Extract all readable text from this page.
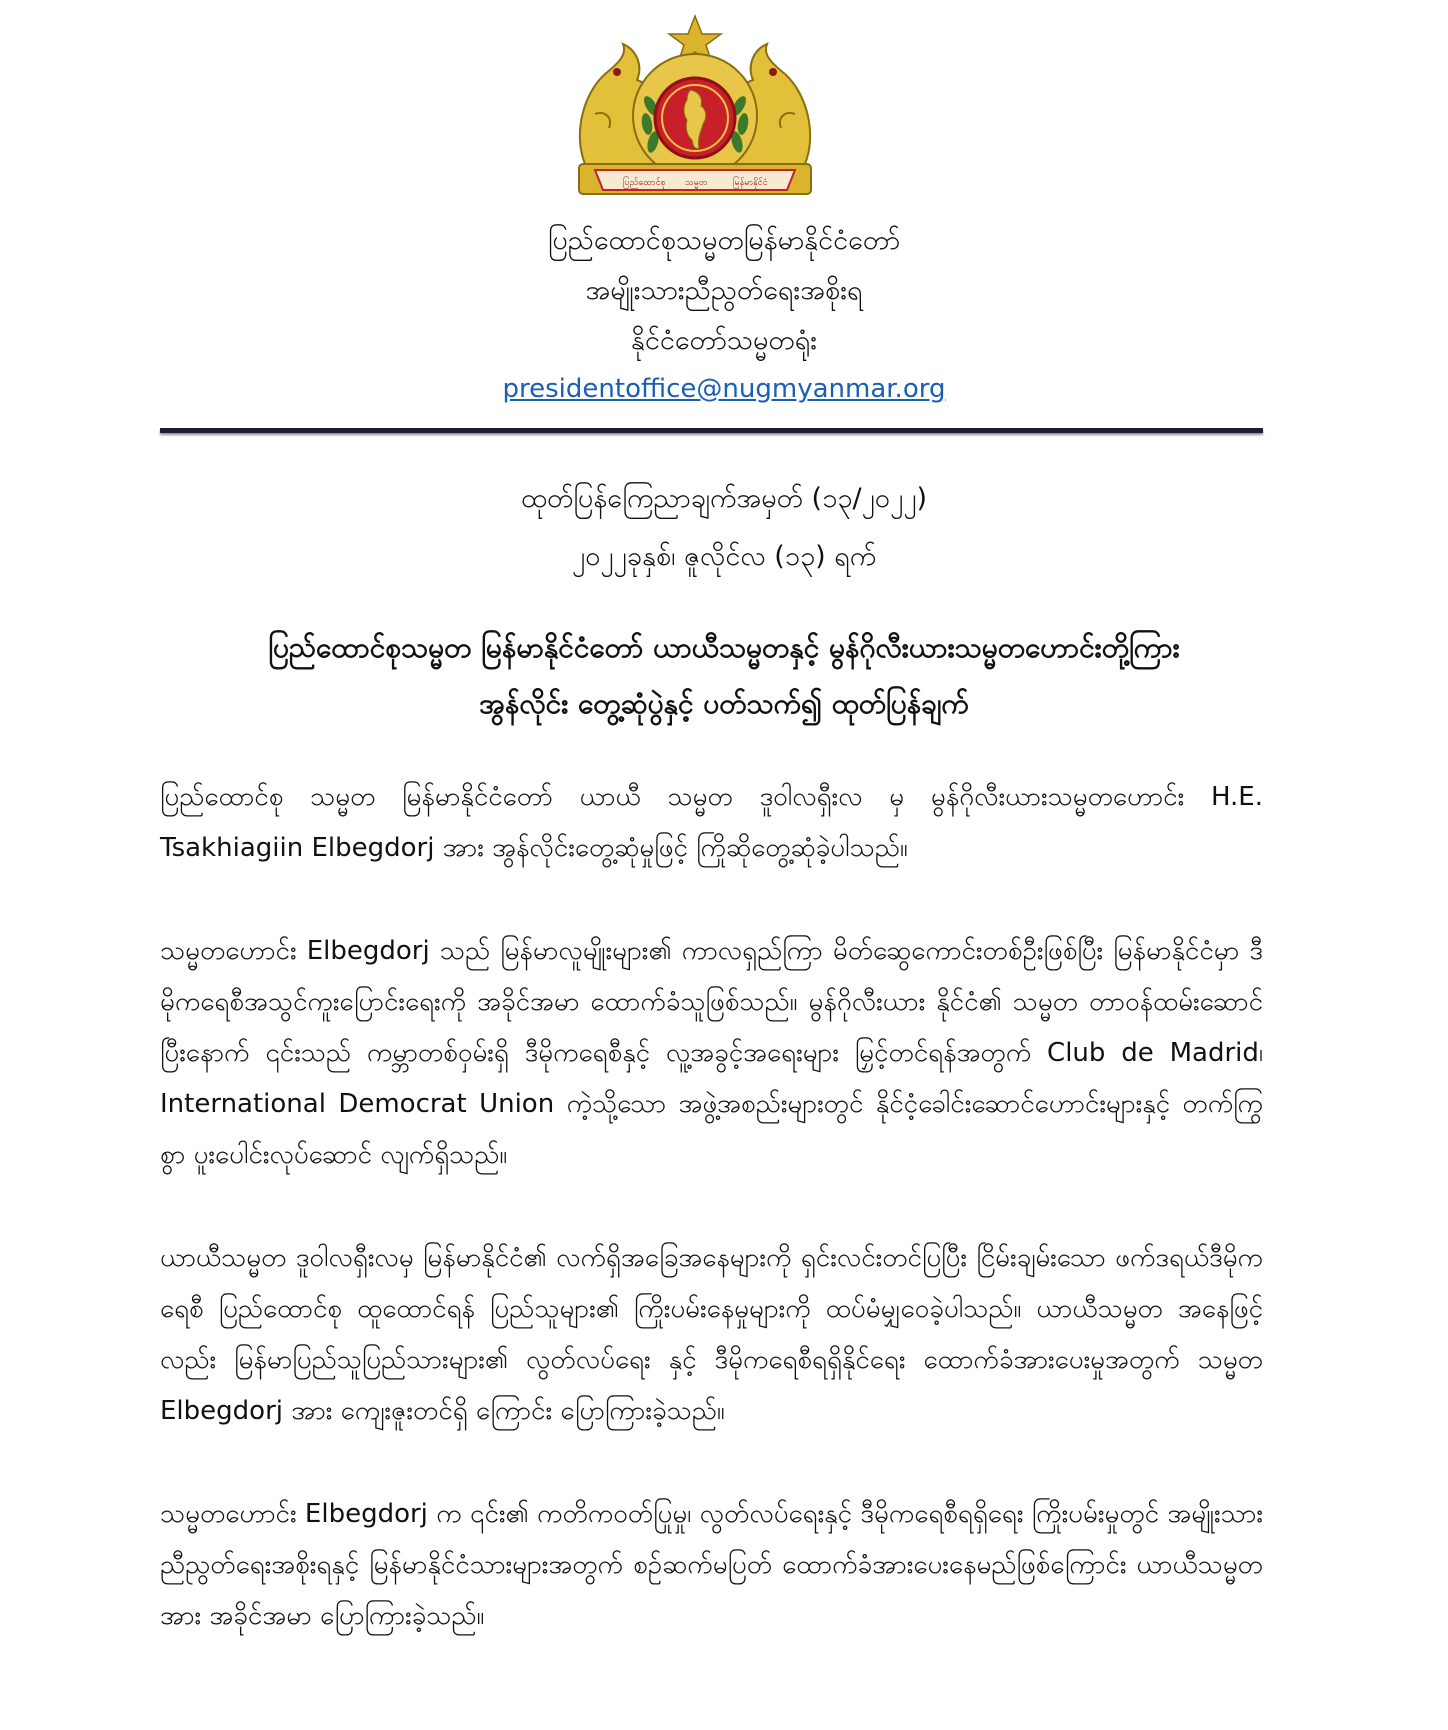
ပြည်ထောင်စု သမ္မတ	မြန်မာနိုင်ငံ
ပြည်ထောင်စုသမ္မတမြန်မာနိုင်ငံတော်
အမျိုးသားညီညွတ်ရေးအစိုးရ
နိုင်ငံတော်သမ္မတရုံး
presidentoffice@nugmyanmar.org
ထုတ်ပြန်ကြေညာချက်အမှတ် (၁၃/၂၀၂၂)
၂၀၂၂ခုနှစ်၊ ဇူလိုင်လ (၁၃) ရက်
ပြည်ထောင်စုသမ္မတ မြန်မာနိုင်ငံတော် ယာယီသမ္မတနှင့် မွန်ဂိုလီးယားသမ္မတဟောင်းတို့ကြား
အွန်လိုင်း တွေ့ဆုံပွဲနှင့် ပတ်သက်၍ ထုတ်ပြန်ချက်

ပြည်ထောင်စု သမ္မတ မြန်မာနိုင်ငံတော် ယာယီ သမ္မတ ဒူဝါလရှီးလ မှ မွန်ဂိုလီးယားသမ္မတဟောင်း H.E. Tsakhiagiin Elbegdorj အား အွန်လိုင်းတွေ့ဆုံမှုဖြင့် ကြိုဆိုတွေ့ဆုံခဲ့ပါသည်။

သမ္မတဟောင်း Elbegdorj သည် မြန်မာလူမျိုးများ၏ ကာလရှည်ကြာ မိတ်ဆွေကောင်းတစ်ဦးဖြစ်ပြီး မြန်မာနိုင်ငံမှာ ဒီမိုကရေစီအသွင်ကူးပြောင်းရေးကို အခိုင်အမာ ထောက်ခံသူဖြစ်သည်။ မွန်ဂိုလီးယား နိုင်ငံ၏ သမ္မတ တာဝန်ထမ်းဆောင်ပြီးနောက် ၎င်းသည် ကမ္ဘာတစ်ဝှမ်းရှိ ဒီမိုကရေစီနှင့် လူ့အခွင့်အရေးများ မြှင့်တင်ရန်အတွက် Club de Madrid၊ International Democrat Union ကဲ့သို့သော အဖွဲ့အစည်းများတွင် နိုင်ငံ့ခေါင်းဆောင်ဟောင်းများနှင့် တက်ကြွစွာ ပူးပေါင်းလုပ်ဆောင် လျက်ရှိသည်။

ယာယီသမ္မတ ဒူဝါလရှီးလမှ မြန်မာနိုင်ငံ၏ လက်ရှိအခြေအနေများကို ရှင်းလင်းတင်ပြပြီး ငြိမ်းချမ်းသော ဖက်ဒရယ်ဒီမိုကရေစီ ပြည်ထောင်စု ထူထောင်ရန် ပြည်သူများ၏ ကြိုးပမ်းနေမှုများကို ထပ်မံမျှဝေခဲ့ပါသည်။ ယာယီသမ္မတ အနေဖြင့်လည်း မြန်မာပြည်သူပြည်သားများ၏ လွတ်လပ်ရေး နှင့် ဒီမိုကရေစီရရှိနိုင်ရေး ထောက်ခံအားပေးမှုအတွက် သမ္မတ Elbegdorj အား ကျေးဇူးတင်ရှိ ကြောင်း ပြောကြားခဲ့သည်။

သမ္မတဟောင်း Elbegdorj က ၎င်း၏ ကတိကဝတ်ပြုမှု၊ လွတ်လပ်ရေးနှင့် ဒီမိုကရေစီရရှိရေး ကြိုးပမ်းမှုတွင် အမျိုးသားညီညွတ်ရေးအစိုးရနှင့် မြန်မာနိုင်ငံသားများအတွက် စဉ်ဆက်မပြတ် ထောက်ခံအားပေးနေမည်ဖြစ်ကြောင်း ယာယီသမ္မတအား အခိုင်အမာ ပြောကြားခဲ့သည်။
